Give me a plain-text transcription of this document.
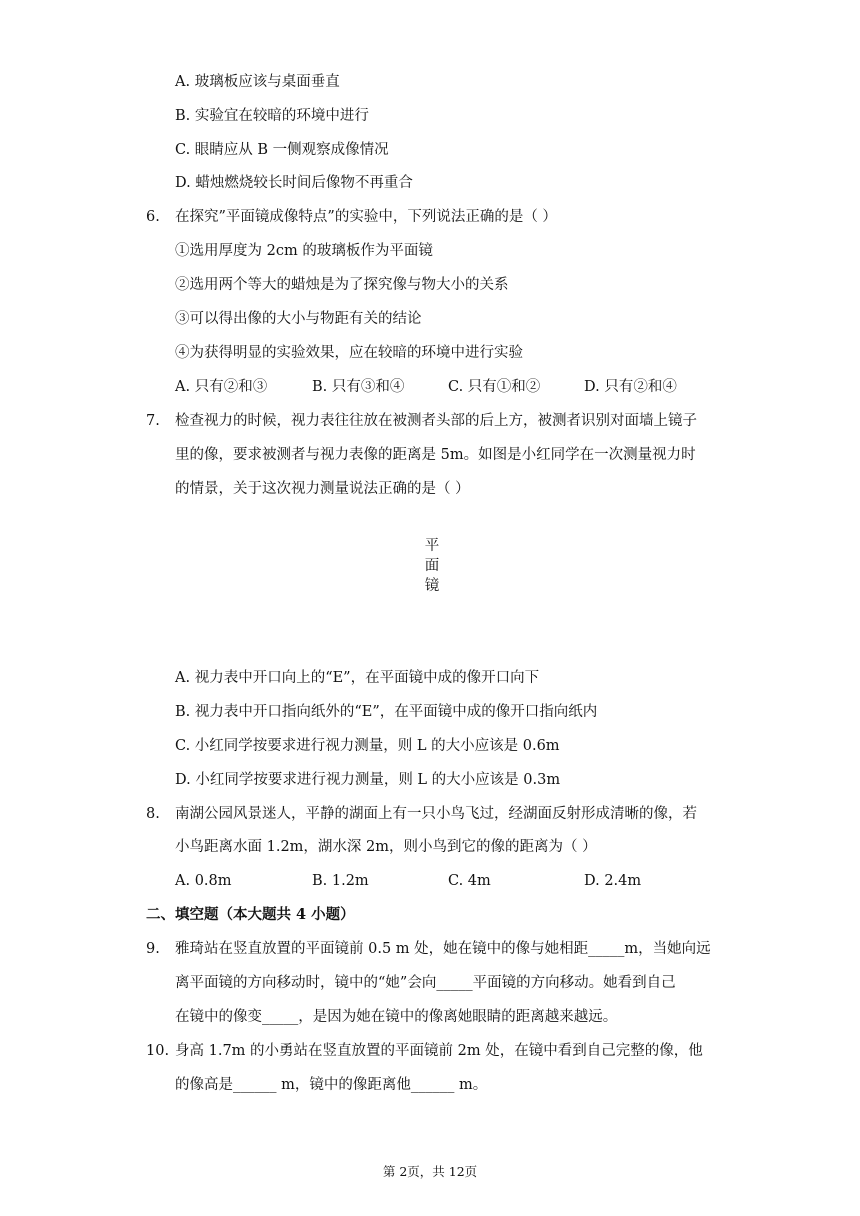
A. 玻璃板应该与桌面垂直
B. 实验宜在较暗的环境中进行
C. 眼睛应从 B 一侧观察成像情况
D. 蜡烛燃烧较长时间后像物不再重合
6. 在探究”平面镜成像特点”的实验中，下列说法正确的是（ ）
①选用厚度为 2cm 的玻璃板作为平面镜
②选用两个等大的蜡烛是为了探究像与物大小的关系
③可以得出像的大小与物距有关的结论
④为获得明显的实验效果，应在较暗的环境中进行实验
A. 只有②和③	B. 只有③和④	C. 只有①和②	D. 只有②和④
7. 检查视力的时候，视力表往往放在被测者头部的后上方，被测者识别对面墙上镜子
里的像，要求被测者与视力表像的距离是 5m。如图是小红同学在一次测量视力时
的情景，关于这次视力测量说法正确的是（ ）
平
面
镜
A. 视力表中开口向上的“E”，在平面镜中成的像开口向下
B. 视力表中开口指向纸外的“E”，在平面镜中成的像开口指向纸内
C. 小红同学按要求进行视力测量，则 L 的大小应该是 0.6m
D. 小红同学按要求进行视力测量，则 L 的大小应该是 0.3m
8. 南湖公园风景迷人，平静的湖面上有一只小鸟飞过，经湖面反射形成清晰的像，若
小鸟距离水面 1.2m，湖水深 2m，则小鸟到它的像的距离为（ ）
A. 0.8m	B. 1.2m	C. 4m	D. 2.4m
二、填空题（本大题共 4 小题）
9. 雅琦站在竖直放置的平面镜前 0.5 m 处，她在镜中的像与她相距_____m，当她向远
离平面镜的方向移动时，镜中的“她”会向_____平面镜的方向移动。她看到自己
在镜中的像变_____，是因为她在镜中的像离她眼睛的距离越来越远。
10. 身高 1.7m 的小勇站在竖直放置的平面镜前 2m 处，在镜中看到自己完整的像，他
的像高是______ m，镜中的像距离他______ m。
第 2页，共 12页
